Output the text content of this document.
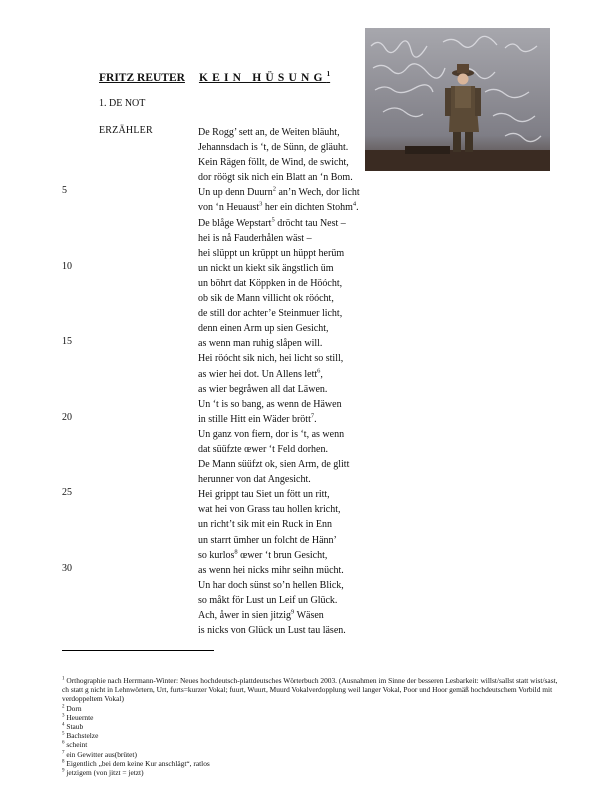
FRITZ REUTER KEIN HÜSUNG$^1$
1. DE NOT
ERZÄHLER	De Rogg’ sett an, de Weiten bläuht,
Jehannsdach is ‘t, de Sünn, de gläuht.
Kein Rägen föllt, de Wind, de swicht,
dor röögt sik nich ein Blatt an ‘n Bom.
Un up denn Duurn$^2$ an’n Wech, dor licht
von ‘n Heuaust$^3$ her ein dichten Stohm$^4$.
De blåge Wepstart$^5$ dröcht tau Nest –
hei is nå Fauderhålen wäst –
hei slüppt un krüppt un hüppt herüm
un nickt un kiekt sik ängstlich üm
un böhrt dat Köppken in de Höócht,
ob sik de Mann villicht ok röócht,
de still dor achter’e Steinmuer licht,
denn einen Arm up sien Gesicht,
as wenn man ruhig slåpen will.
Hei röócht sik nich, hei licht so still,
as wier hei dot. Un Allens lett$^6$,
as wier begråwen all dat Läwen.
Un ‘t is so bang, as wenn de Häwen
in stille Hitt ein Wäder brött$^7$.
Un ganz von fiern, dor is ‘t, as wenn
dat süüfzte œwer ‘t Feld dorhen.
De Mann süüfzt ok, sien Arm, de glitt
herunner von dat Angesicht.
Hei grippt tau Siet un fött un ritt,
wat hei von Grass tau hollen kricht,
un richt’t sik mit ein Ruck in Enn
un starrt ümher un folcht de Hänn’
so kurlos$^8$ œwer ‘t brun Gesicht,
as wenn hei nicks mihr seihn mücht.
Un har doch sünst so’n hellen Blick,
so måkt för Lust un Leif un Glück.
Ach, åwer in sien jitzig$^9$ Wäsen
is nicks von Glück un Lust tau läsen.
5
10
15
20
25
30

$^1$ Orthographie nach Herrmann-Winter: Neues hochdeutsch-plattdeutsches Wörterbuch 2003. (Ausnahmen im Sinne der besseren Lesbarkeit: willst/sallst statt wist/sast, ch statt g nicht in Lehnwörtern, Urt, furts=kurzer Vokal; fuurt, Wuurt, Muurd Vokalverdopplung weil langer Vokal, Poor und Hoor gemäß hochdeutschem Vorbild mit verdoppeltem Vokal)

$^2$ Dorn

$^3$ Heuernte

$^4$ Staub

$^5$ Bachstelze

$^6$ scheint

$^7$ ein Gewitter aus(brütet)

$^8$ Eigentlich „bei dem keine Kur anschlägt“, ratlos

$^9$ jetzigem (von jitzt = jetzt)
